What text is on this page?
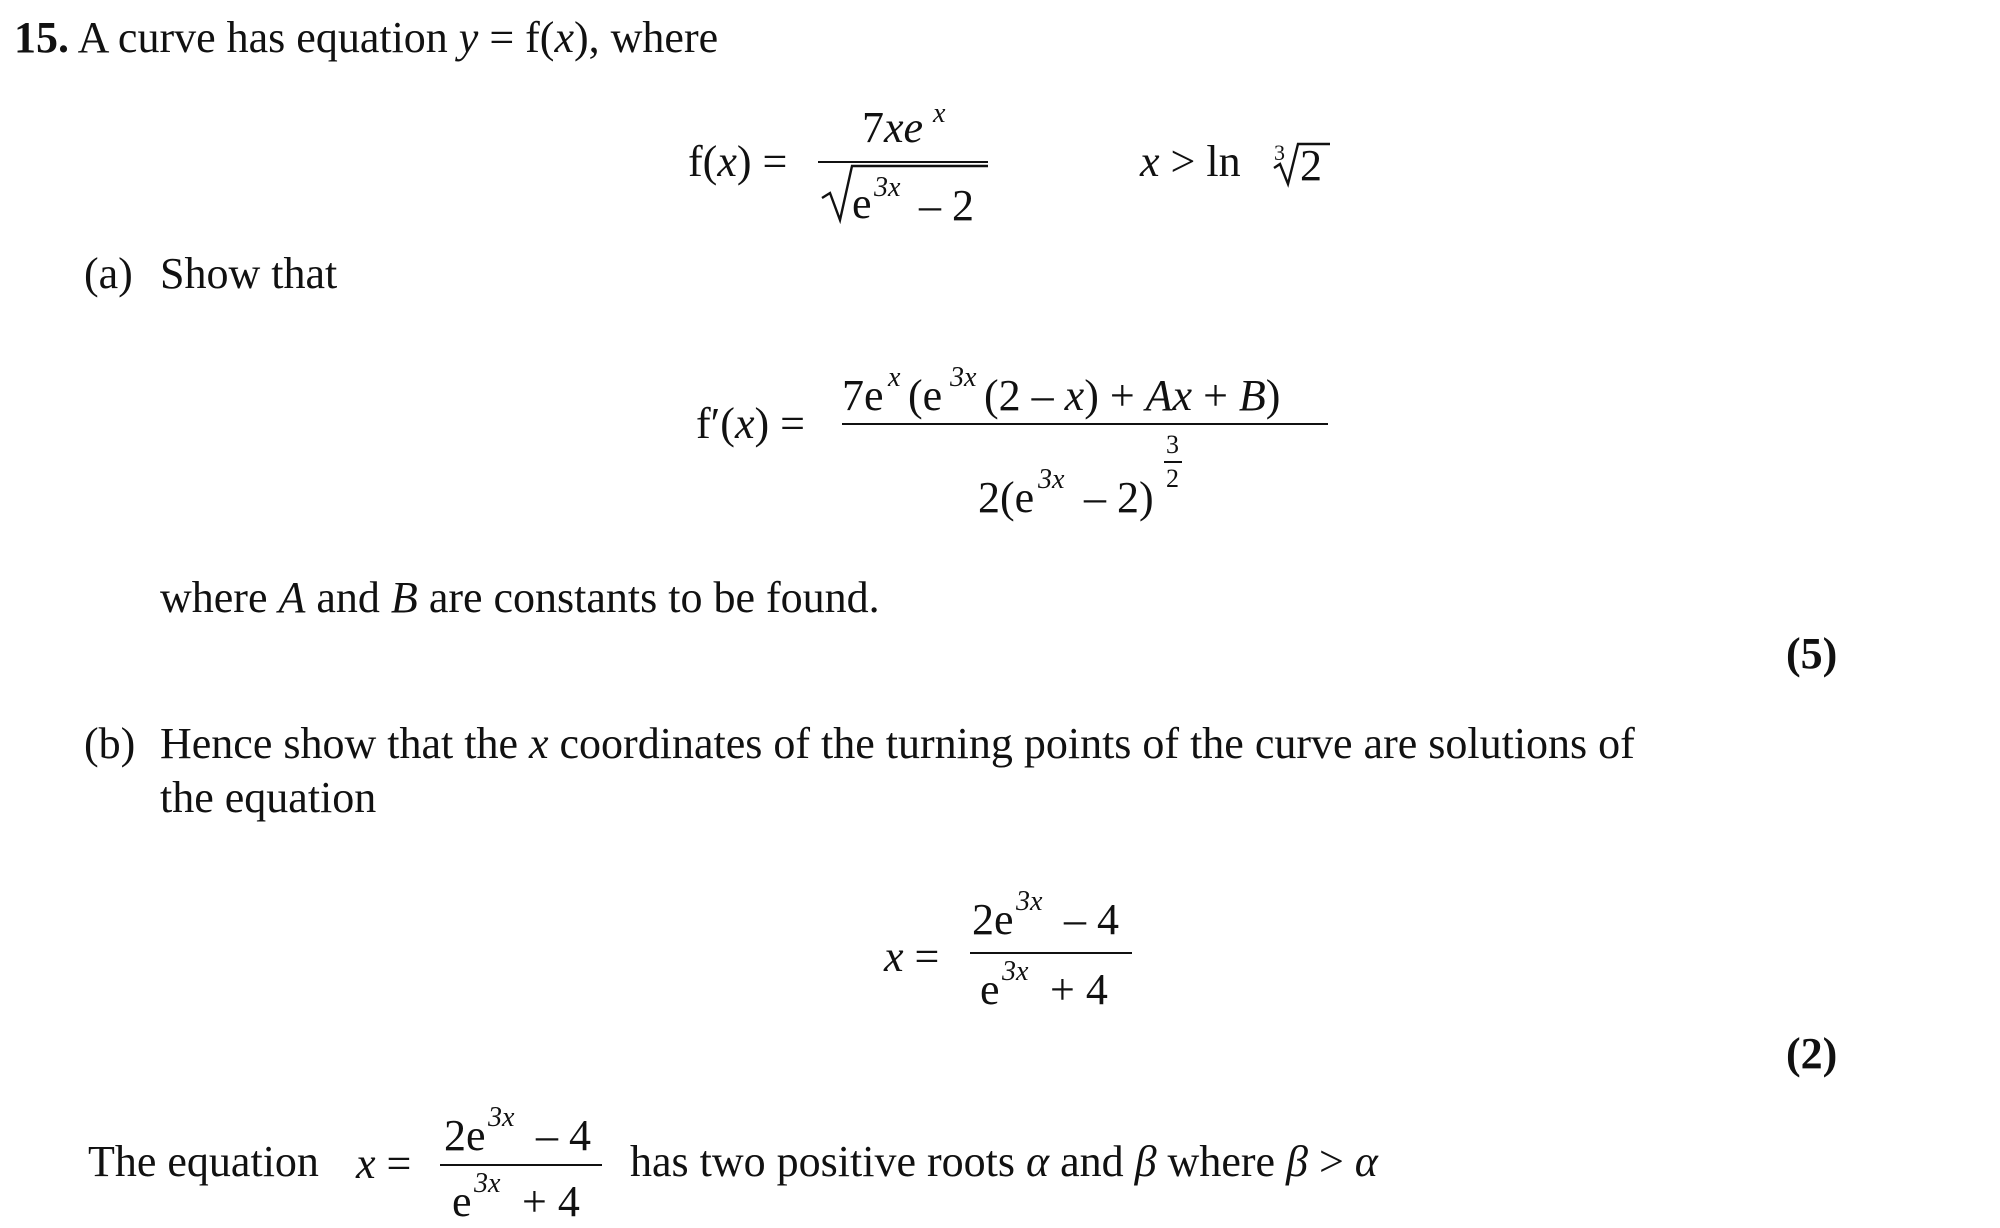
15. A curve has equation y = f(x), where
f(x) =
7xe x
e 3x – 2
x > ln 3 2
(a) Show that
f′(x) =
7e x (e 3x (2 – x) + Ax + B)
2(e 3x – 2)
3
2
where A and B are constants to be found.
(5)
(b) Hence show that the x coordinates of the turning points of the curve are solutions of
the equation
x =
2e 3x – 4
e 3x + 4
(2)
The equation x =
2e 3x – 4
e 3x + 4
has two positive roots α and β where β > α
